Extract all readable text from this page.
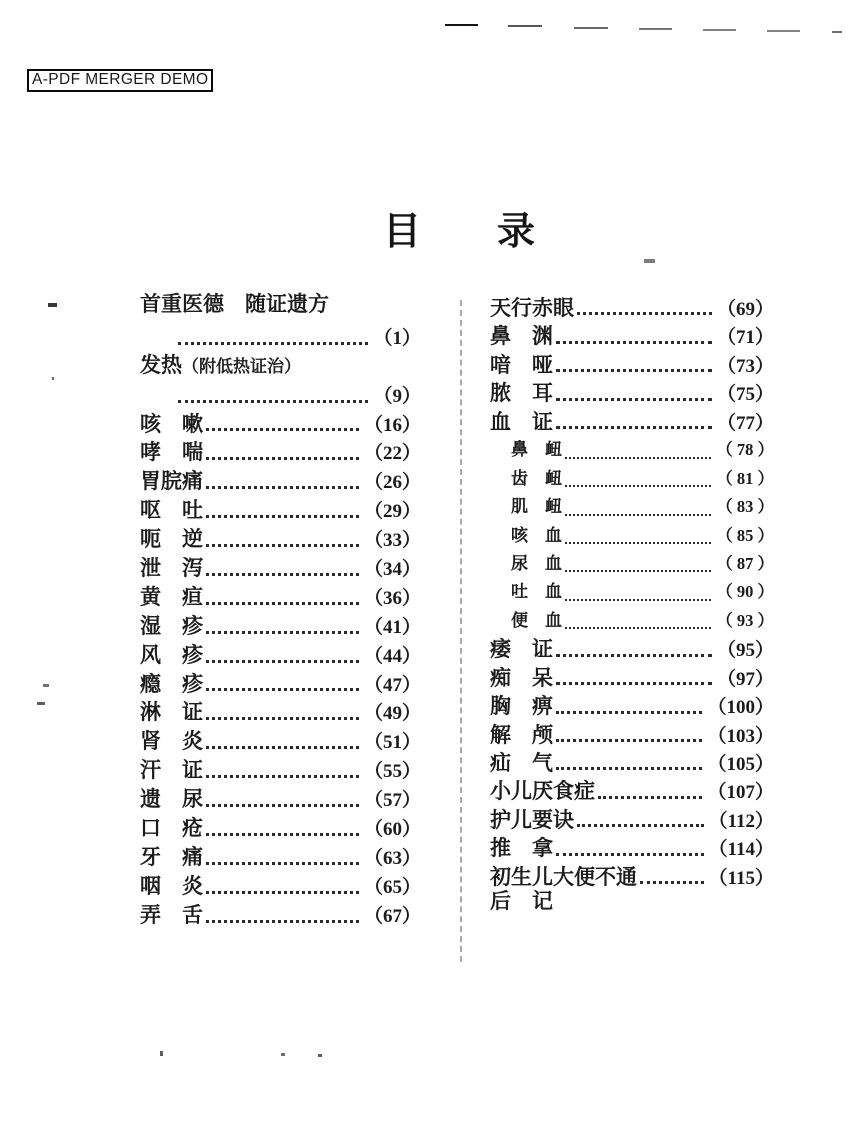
A-PDF MERGER DEMO
目　　录
首重医德　随证遗方
（1）
发热 （附低热证治）
（9）
咳　嗽	（16）
哮　喘	（22）
胃脘痛	（26）
呕　吐	（29）
呃　逆	（33）
泄　泻	（34）
黄　疸	（36）
湿　疹	（41）
风　疹	（44）
瘾　疹	（47）
淋　证	（49）
肾　炎	（51）
汗　证	（55）
遗　尿	（57）
口　疮	（60）
牙　痛	（63）
咽　炎	（65）
弄　舌	（67）
天行赤眼	（69）
鼻　渊	（71）
喑　哑	（73）
脓　耳	（75）
血　证	（77）
鼻　衄	（ 78 ）
齿　衄	（ 81 ）
肌　衄	（ 83 ）
咳　血	（ 85 ）
尿　血	（ 87 ）
吐　血	（ 90 ）
便　血	（ 93 ）
痿　证	（95）
痴　呆	（97）
胸　痹	（100）
解　颅	（103）
疝　气	（105）
小儿厌食症	（107）
护儿要诀	（112）
推　拿	（114）
初生儿大便不通	（115）
后　记
